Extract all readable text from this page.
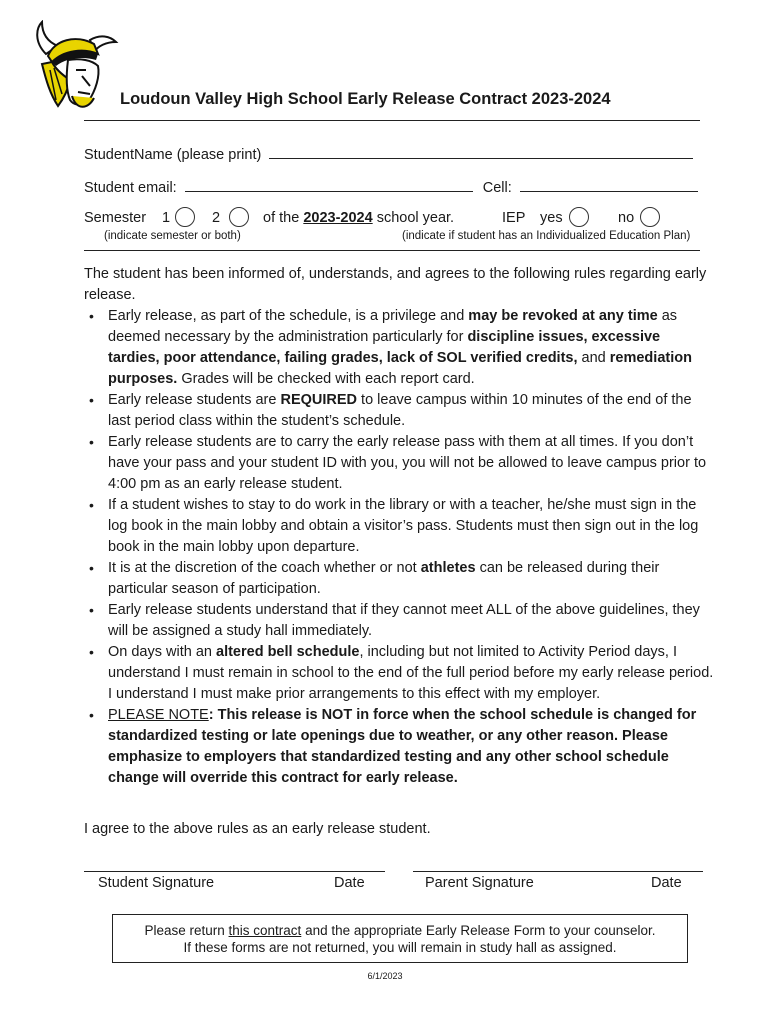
Loudoun Valley High School Early Release Contract 2023-2024
StudentName (please print)
Student email:	Cell:
Semester 1	2	of the 2023-2024 school year.	IEP yes	no
(indicate semester or both)	(indicate if student has an Individualized Education Plan)
The student has been informed of, understands, and agrees to the following rules regarding early release.
• Early release, as part of the schedule, is a privilege and may be revoked at any time as deemed necessary by the administration particularly for discipline issues, excessive tardies, poor attendance, failing grades, lack of SOL verified credits, and remediation purposes. Grades will be checked with each report card.
• Early release students are REQUIRED to leave campus within 10 minutes of the end of the last period class within the student’s schedule.
• Early release students are to carry the early release pass with them at all times. If you don’t have your pass and your student ID with you, you will not be allowed to leave campus prior to 4:00 pm as an early release student.
• If a student wishes to stay to do work in the library or with a teacher, he/she must sign in the log book in the main lobby and obtain a visitor’s pass. Students must then sign out in the log book in the main lobby upon departure.
• It is at the discretion of the coach whether or not athletes can be released during their particular season of participation.
• Early release students understand that if they cannot meet ALL of the above guidelines, they will be assigned a study hall immediately.
• On days with an altered bell schedule, including but not limited to Activity Period days, I understand I must remain in school to the end of the full period before my early release period. I understand I must make prior arrangements to this effect with my employer.
• PLEASE NOTE: This release is NOT in force when the school schedule is changed for standardized testing or late openings due to weather, or any other reason. Please emphasize to employers that standardized testing and any other school schedule change will override this contract for early release.
I agree to the above rules as an early release student.
Student Signature	Date	Parent Signature	Date
Please return this contract and the appropriate Early Release Form to your counselor.
If these forms are not returned, you will remain in study hall as assigned.
6/1/2023
